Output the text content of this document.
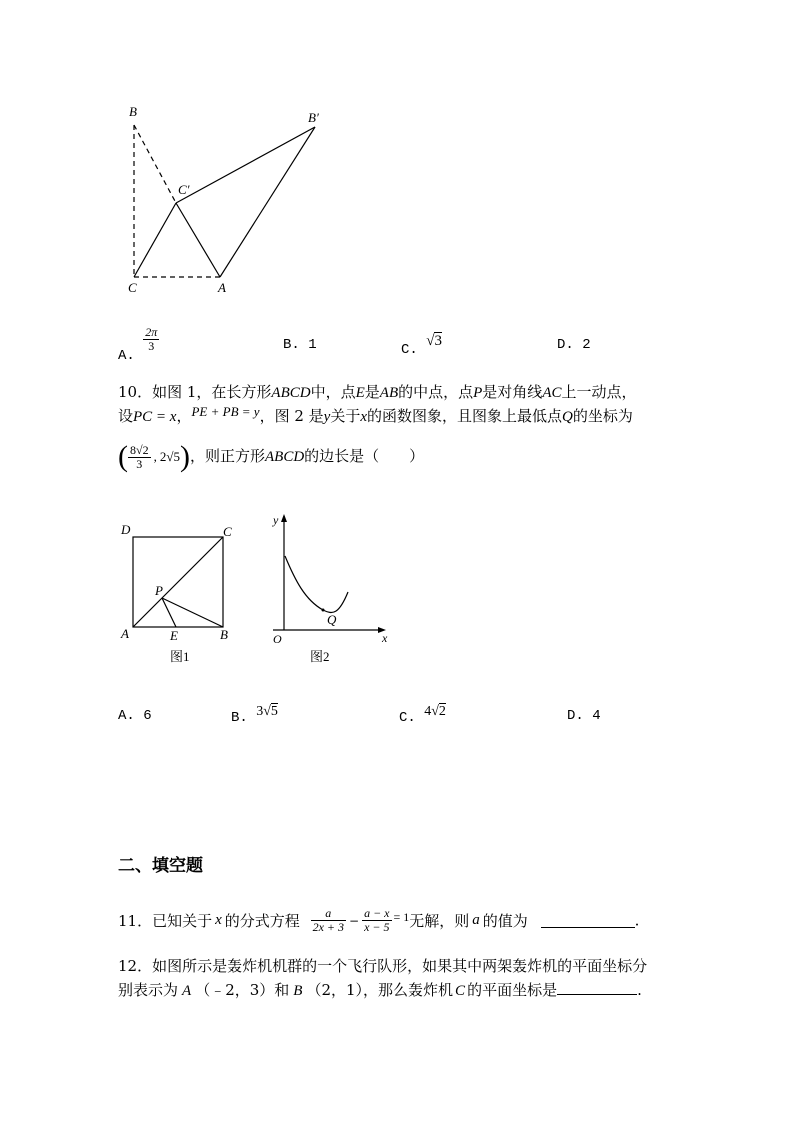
B	B′
C′
C	A
A.
$\frac{2\pi}{3}$	B. 1	C. √3	D. 2
10．如图 1，在长方形ABCD中，点E是AB的中点，点P是对角线AC上一动点，
设PC = x，PE + PB = y，图 2 是y关于x的函数图象，且图象上最低点Q的坐标为
( $\frac{8√2}{3}$ , 2√5)，则正方形ABCD的边长是（　　）
D	C
P
A	E	B
图1
y
x
O
Q
图2
A. 6	B. 3√5	C. 4√2	D. 4
二、填空题
11．已知关于 x 的分式方程 $\frac{a}{2x + 3} - \frac{a - x}{x - 5} ^{= 1}$无解，则 a 的值为	.
12．如图所示是轰炸机机群的一个飞行队形，如果其中两架轰炸机的平面坐标分
别表示为 A （﹣2，3）和 B （2，1），那么轰炸机 C 的平面坐标是	.
